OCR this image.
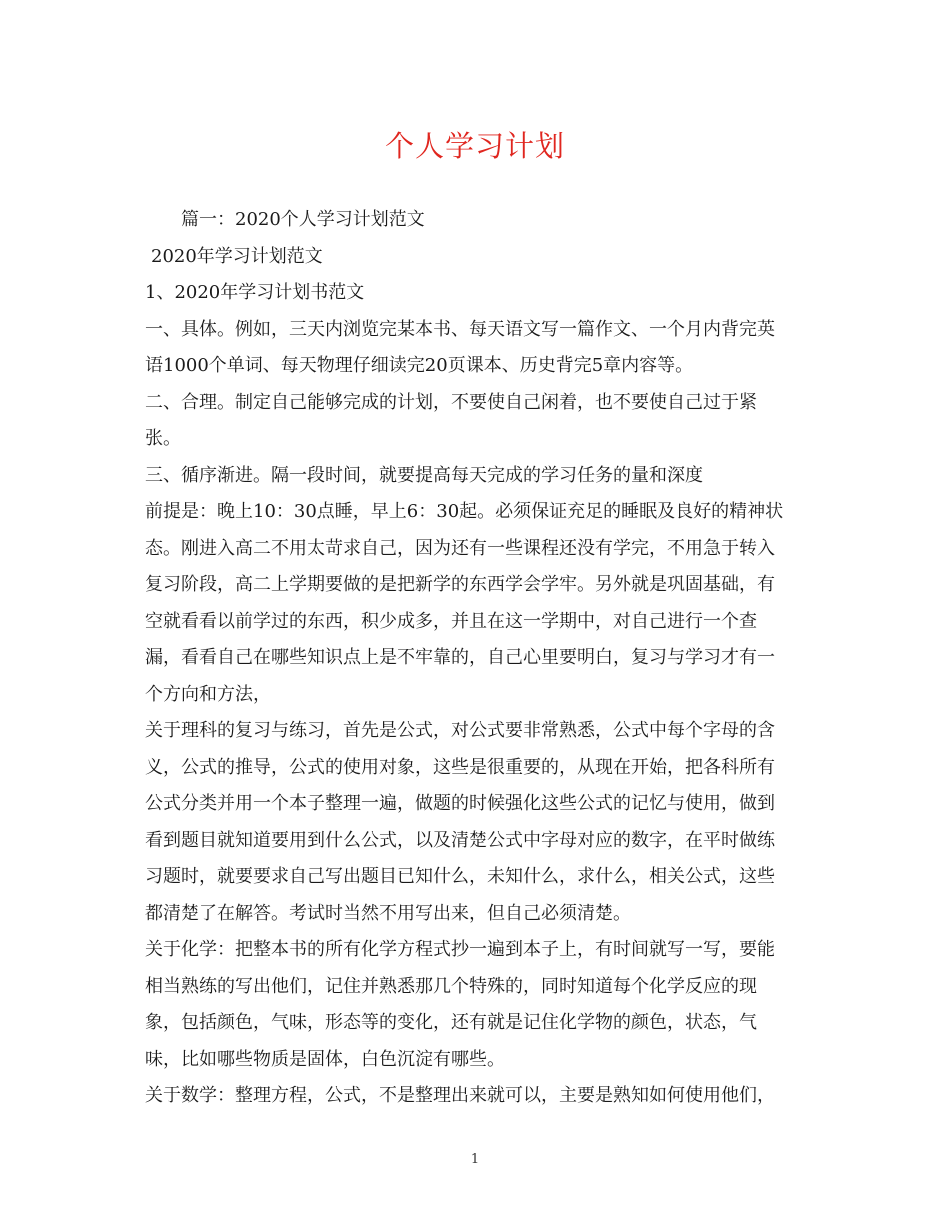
个人学习计划
篇一：2020个人学习计划范文
2020年学习计划范文
1、2020年学习计划书范文
一、具体。例如，三天内浏览完某本书、每天语文写一篇作文、一个月内背完英
语1000个单词、每天物理仔细读完20页课本、历史背完5章内容等。
二、合理。制定自己能够完成的计划，不要使自己闲着，也不要使自己过于紧
张。
三、循序渐进。隔一段时间，就要提高每天完成的学习任务的量和深度
前提是：晚上10：30点睡，早上6：30起。必须保证充足的睡眠及良好的精神状
态。刚进入高二不用太苛求自己，因为还有一些课程还没有学完，不用急于转入
复习阶段，高二上学期要做的是把新学的东西学会学牢。另外就是巩固基础，有
空就看看以前学过的东西，积少成多，并且在这一学期中，对自己进行一个查
漏，看看自己在哪些知识点上是不牢靠的，自己心里要明白，复习与学习才有一
个方向和方法，
关于理科的复习与练习，首先是公式，对公式要非常熟悉，公式中每个字母的含
义，公式的推导，公式的使用对象，这些是很重要的，从现在开始，把各科所有
公式分类并用一个本子整理一遍，做题的时候强化这些公式的记忆与使用，做到
看到题目就知道要用到什么公式，以及清楚公式中字母对应的数字，在平时做练
习题时，就要要求自己写出题目已知什么，未知什么，求什么，相关公式，这些
都清楚了在解答。考试时当然不用写出来，但自己必须清楚。
关于化学：把整本书的所有化学方程式抄一遍到本子上，有时间就写一写，要能
相当熟练的写出他们，记住并熟悉那几个特殊的，同时知道每个化学反应的现
象，包括颜色，气味，形态等的变化，还有就是记住化学物的颜色，状态，气
味，比如哪些物质是固体，白色沉淀有哪些。
关于数学：整理方程，公式，不是整理出来就可以，主要是熟知如何使用他们，
1
